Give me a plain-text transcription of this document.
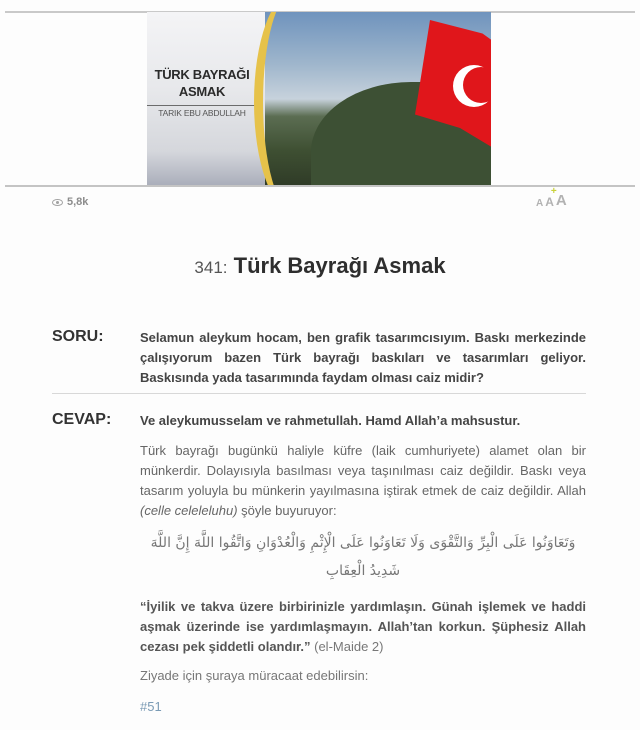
TÜRK BAYRAĞI
ASMAK
TARIK EBU ABDULLAH
5,8k	A A
+
A
341: Türk Bayrağı Asmak
SORU:	Selamun aleykum hocam, ben grafik tasarımcısıyım. Baskı merkezinde çalışıyorum bazen Türk bayrağı baskıları ve tasarımları geliyor. Baskısında yada tasarımında faydam olması caiz midir?

CEVAP: Ve aleykumusselam ve rahmetullah. Hamd Allah’a mahsustur.

Türk bayrağı bugünkü haliyle küfre (laik cumhuriyete) alamet olan bir münkerdir. Dolayısıyla basılması veya taşınılması caiz değildir. Baskı veya tasarım yoluyla bu münkerin yayılmasına iştirak etmek de caiz değildir. Allah (celle celeleluhu) şöyle buyuruyor:

وَتَعَاوَنُوا عَلَى الْبِرِّ وَالتَّقْوَى وَلَا تَعَاوَنُوا عَلَى الْإِثْمِ وَالْعُدْوَانِ وَاتَّقُوا اللَّهَ إِنَّ اللَّهَ شَدِيدُ الْعِقَابِ

“İyilik ve takva üzere birbirinizle yardımlaşın. Günah işlemek ve haddi aşmak üzerinde ise yardımlaşmayın. Allah’tan korkun. Şüphesiz Allah cezası pek şiddetli olandır.” (el-Maide 2)

Ziyade için şuraya müracaat edebilirsin:

#51
